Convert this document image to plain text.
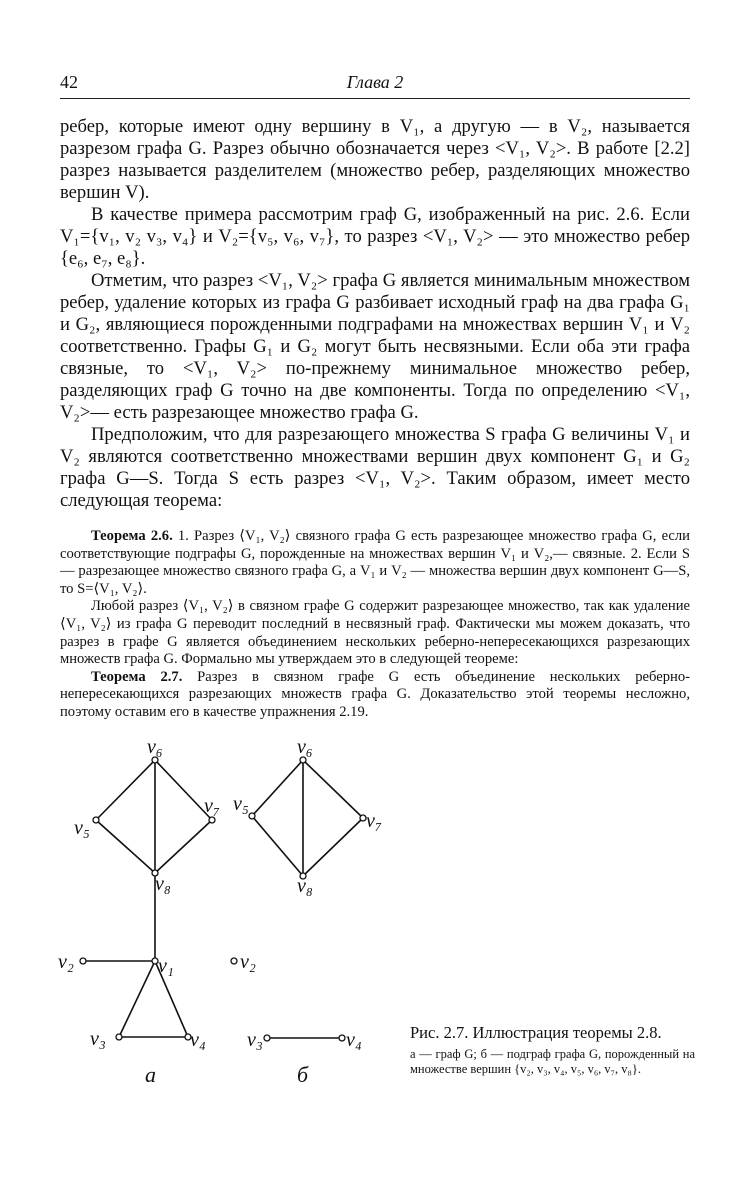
42	Глава 2

ребер, которые имеют одну вершину в V₁, а другую — в V₂, называется разрезом графа G. Разрез обычно обозначается через <V₁, V₂>. В работе [2.2] разрез называется разделителем (множество ребер, разделяющих множество вершин V).

В качестве примера рассмотрим граф G, изображенный на рис. 2.6. Если V₁={v₁, v₂ v₃, v₄} и V₂={v₅, v₆, v₇}, то разрез <V₁, V₂> — это множество ребер {e₆, e₇, e₈}.

Отметим, что разрез <V₁, V₂> графа G является минимальным множеством ребер, удаление которых из графа G разбивает исходный граф на два графа G₁ и G₂, являющиеся порожденными подграфами на множествах вершин V₁ и V₂ соответственно. Графы G₁ и G₂ могут быть несвязными. Если оба эти графа связные, то <V₁, V₂> по-прежнему минимальное множество ребер, разделяющих граф G точно на две компоненты. Тогда по определению <V₁, V₂>— есть разрезающее множество графа G.

Предположим, что для разрезающего множества S графа G величины V₁ и V₂ являются соответственно множествами вершин двух компонент G₁ и G₂ графа G—S. Тогда S есть разрез <V₁, V₂>. Таким образом, имеет место следующая теорема:

Теорема 2.6. 1. Разрез ⟨V₁, V₂⟩ связного графа G есть разрезающее множество графа G, если соответствующие подграфы G, порожденные на множествах вершин V₁ и V₂,— связные. 2. Если S — разрезающее множество связного графа G, а V₁ и V₂ — множества вершин двух компонент G—S, то S=⟨V₁, V₂⟩.

Любой разрез ⟨V₁, V₂⟩ в связном графе G содержит разрезающее множество, так как удаление ⟨V₁, V₂⟩ из графа G переводит последний в несвязный граф. Фактически мы можем доказать, что разрез в графе G является объединением нескольких реберно-непересекающихся разрезающих множеств графа G. Формально мы утверждаем это в следующей теореме:

Теорема 2.7. Разрез в связном графе G есть объединение нескольких реберно-непересекающихся разрезающих множеств графа G. Доказательство этой теоремы несложно, поэтому оставим его в качестве упражнения 2.19.

v₆
v₅
v₇
v₈
v₁
v₂
v₃	v₄
v₆
v₅
v₇
v₈
v₂
v₃	v₄
a	б

Рис. 2.7. Иллюстрация теоремы 2.8.

а — граф G; б — подграф графа G, порожденный на множестве вершин {v₂, v₃, v₄, v₅, v₆, v₇, v₈}.
